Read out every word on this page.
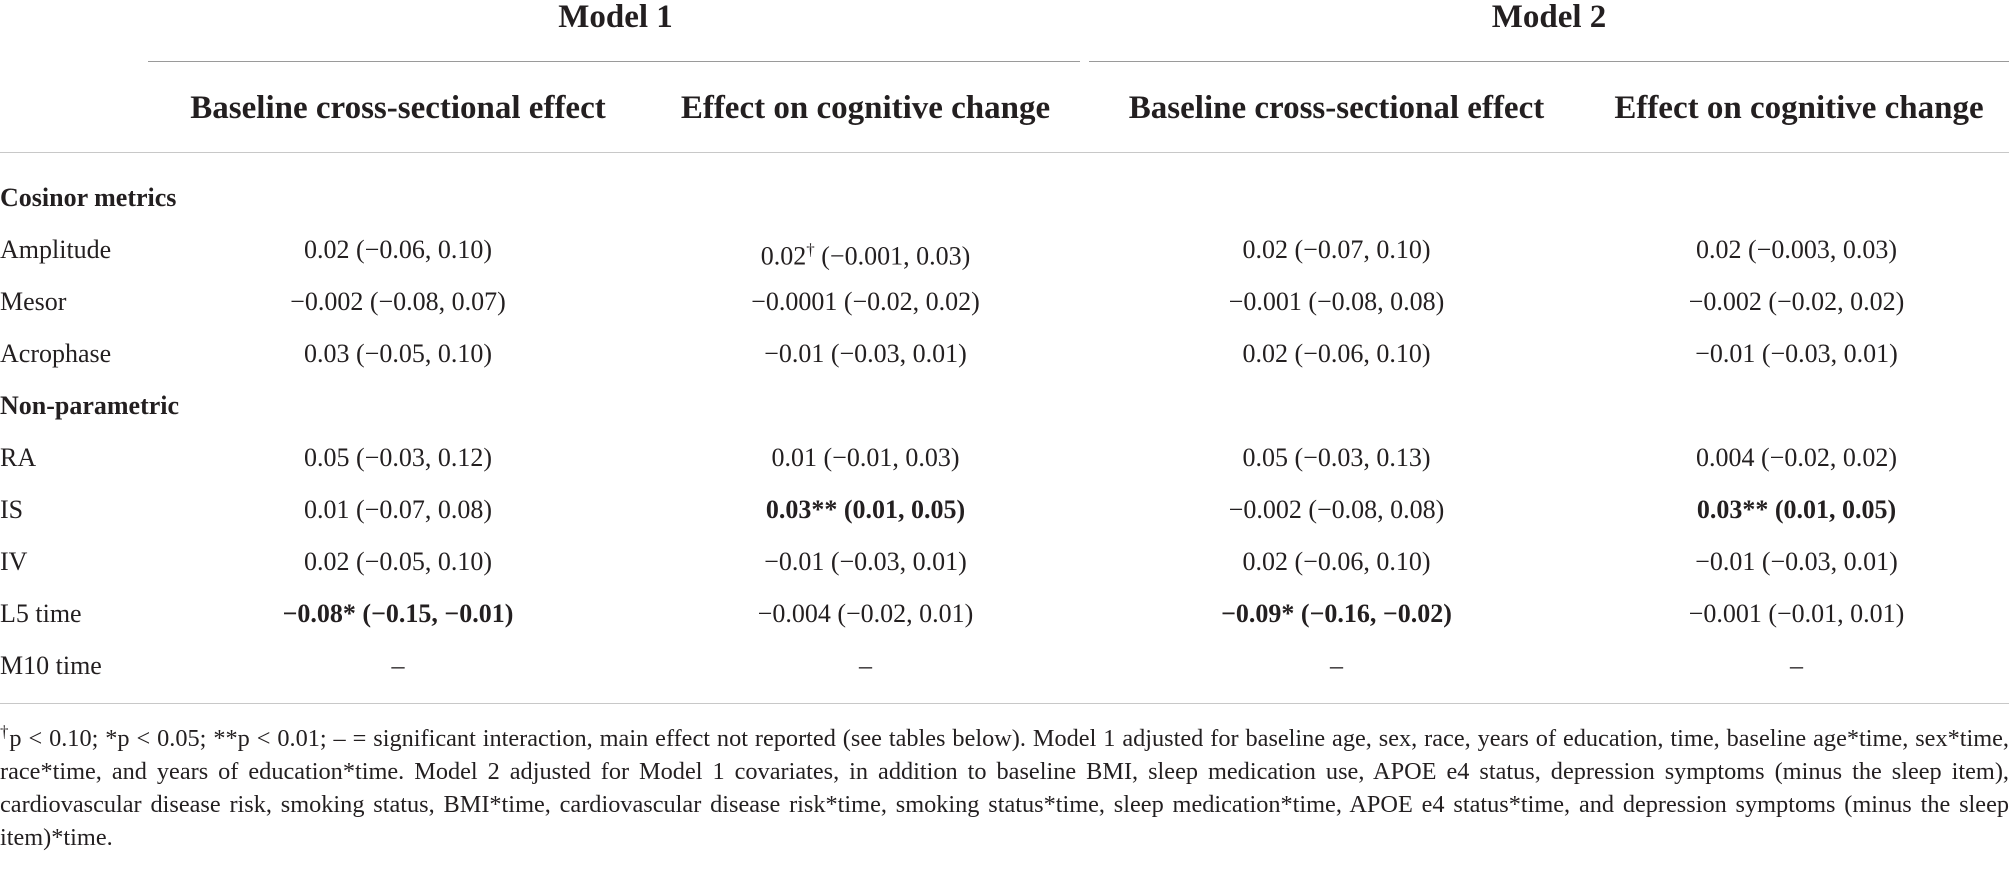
Model 1	Model 2
Baseline cross-sectional effect	Effect on cognitive change	Baseline cross-sectional effect	Effect on cognitive change
Cosinor metrics
Amplitude	0.02 (−0.06, 0.10)	0.02† (−0.001, 0.03)	0.02 (−0.07, 0.10)	0.02 (−0.003, 0.03)
Mesor	−0.002 (−0.08, 0.07)	−0.0001 (−0.02, 0.02)	−0.001 (−0.08, 0.08)	−0.002 (−0.02, 0.02)
Acrophase	0.03 (−0.05, 0.10)	−0.01 (−0.03, 0.01)	0.02 (−0.06, 0.10)	−0.01 (−0.03, 0.01)
Non-parametric
RA	0.05 (−0.03, 0.12)	0.01 (−0.01, 0.03)	0.05 (−0.03, 0.13)	0.004 (−0.02, 0.02)
IS	0.01 (−0.07, 0.08)	0.03** (0.01, 0.05)	−0.002 (−0.08, 0.08)	0.03** (0.01, 0.05)
IV	0.02 (−0.05, 0.10)	−0.01 (−0.03, 0.01)	0.02 (−0.06, 0.10)	−0.01 (−0.03, 0.01)
L5 time	−0.08* (−0.15, −0.01)	−0.004 (−0.02, 0.01)	−0.09* (−0.16, −0.02)	−0.001 (−0.01, 0.01)
M10 time	–	–	–	–
†p < 0.10; *p < 0.05; **p < 0.01; – = significant interaction, main effect not reported (see tables below). Model 1 adjusted for baseline age, sex, race, years of education, time, baseline age*time, sex*time, race*time, and years of education*time. Model 2 adjusted for Model 1 covariates, in addition to baseline BMI, sleep medication use, APOE e4 status, depression symptoms (minus the sleep item), cardiovascular disease risk, smoking status, BMI*time, cardiovascular disease risk*time, smoking status*time, sleep medication*time, APOE e4 status*time, and depression symptoms (minus the sleep item)*time.
